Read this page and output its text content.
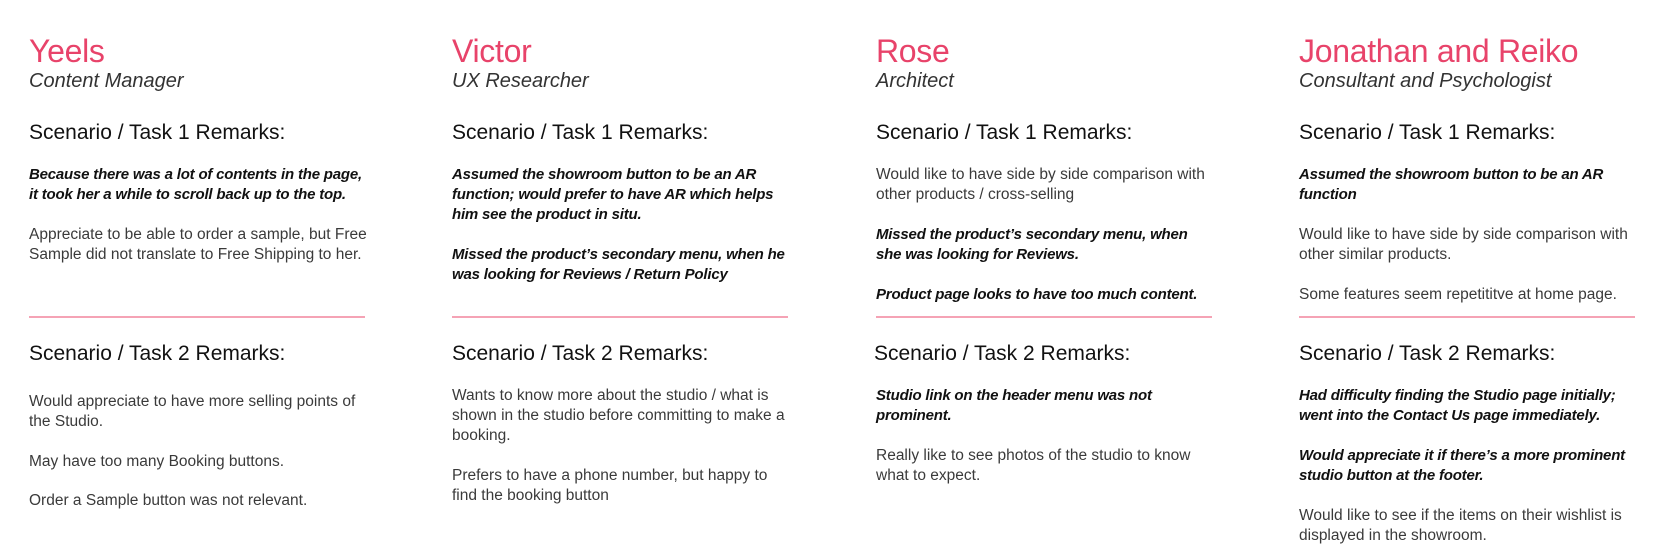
Yeels

Content Manager

Scenario / Task 1 Remarks:

Because there was a lot of contents in the page, it took her a while to scroll back up to the top.

Appreciate to be able to order a sample, but Free Sample did not translate to Free Shipping to her.

Scenario / Task 2 Remarks:

Would appreciate to have more selling points of the Studio.

May have too many Booking buttons.

Order a Sample button was not relevant.

Victor

UX Researcher

Scenario / Task 1 Remarks:

Assumed the showroom button to be an AR function; would prefer to have AR which helps him see the product in situ.

Missed the product’s secondary menu, when he was looking for Reviews / Return Policy

Scenario / Task 2 Remarks:

Wants to know more about the studio / what is shown in the studio before committing to make a booking.

Prefers to have a phone number, but happy to find the booking button

Rose

Architect

Scenario / Task 1 Remarks:

Would like to have side by side comparison with other products / cross-selling

Missed the product’s secondary menu, when she was looking for Reviews.

Product page looks to have too much content.

Scenario / Task 2 Remarks:

Studio link on the header menu was not prominent.

Really like to see photos of the studio to know what to expect.

Jonathan and Reiko

Consultant and Psychologist

Scenario / Task 1 Remarks:

Assumed the showroom button to be an AR function

Would like to have side by side comparison with other similar products.

Some features seem repetititve at home page.

Scenario / Task 2 Remarks:

Had difficulty finding the Studio page initially; went into the Contact Us page immediately.

Would appreciate it if there’s a more prominent studio button at the footer.

Would like to see if the items on their wishlist is displayed in the showroom.
